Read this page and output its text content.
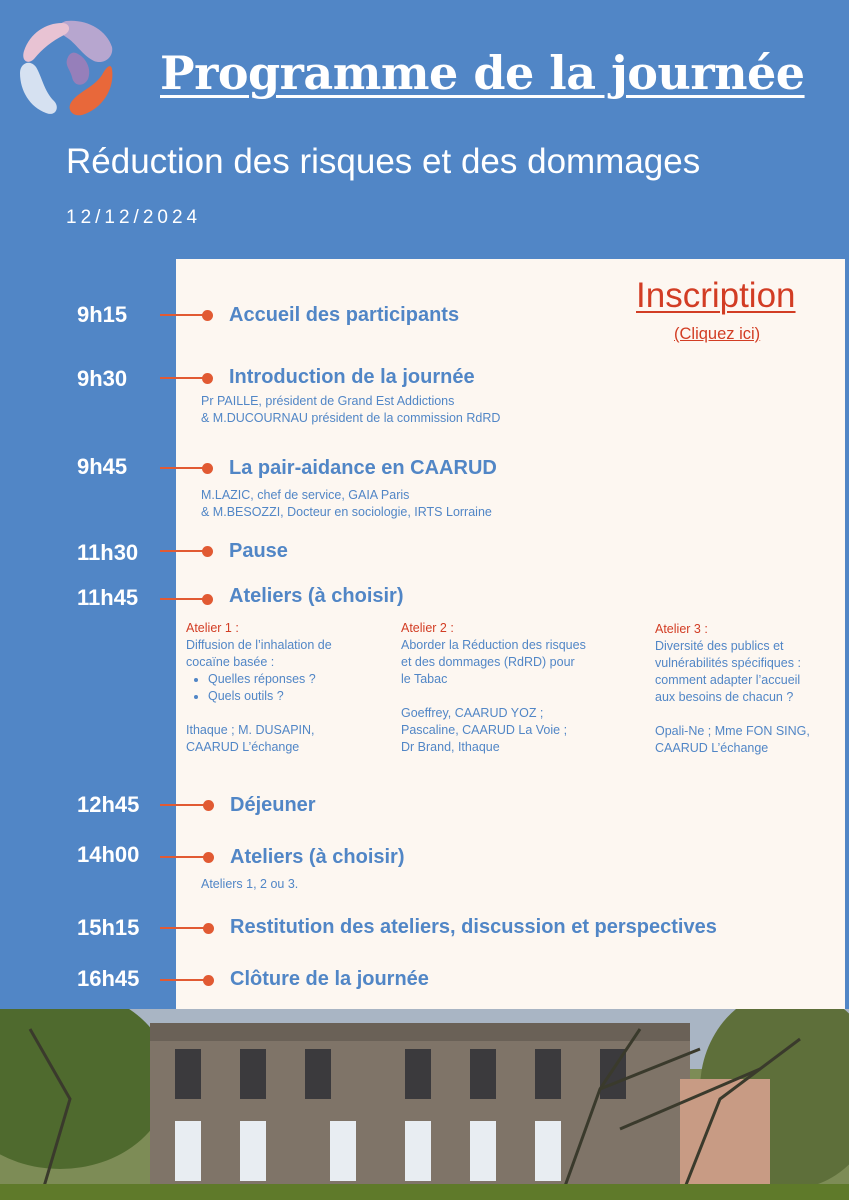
Programme de la journée
Réduction des risques et des dommages
12/12/2024
Inscription
(Cliquez ici)
9h15	Accueil des participants
9h30	Introduction de la journée
Pr PAILLE, président de Grand Est Addictions
& M.DUCOURNAU président de la commission RdRD
9h45	La pair-aidance en CAARUD
M.LAZIC, chef de service, GAIA Paris
& M.BESOZZI, Docteur en sociologie, IRTS Lorraine
11h30	Pause
11h45	Ateliers (à choisir)
Atelier 1 :

Diffusion de l’inhalation de

cocaïne basée :

• Quelles réponses ?
• Quels outils ?

Ithaque ; M. DUSAPIN,

CAARUD L’échange

Atelier 2 :

Aborder la Réduction des risques

et des dommages (RdRD) pour

le Tabac

Goeffrey, CAARUD YOZ ;

Pascaline, CAARUD La Voie ;

Dr Brand, Ithaque

Atelier 3 :

Diversité des publics et

vulnérabilités spécifiques :

comment adapter l’accueil

aux besoins de chacun ?

Opali-Ne ; Mme FON SING,

CAARUD L’échange

12h45	Déjeuner
14h00	Ateliers (à choisir)
Ateliers 1, 2 ou 3.
15h15	Restitution des ateliers, discussion et perspectives
16h45	Clôture de la journée
